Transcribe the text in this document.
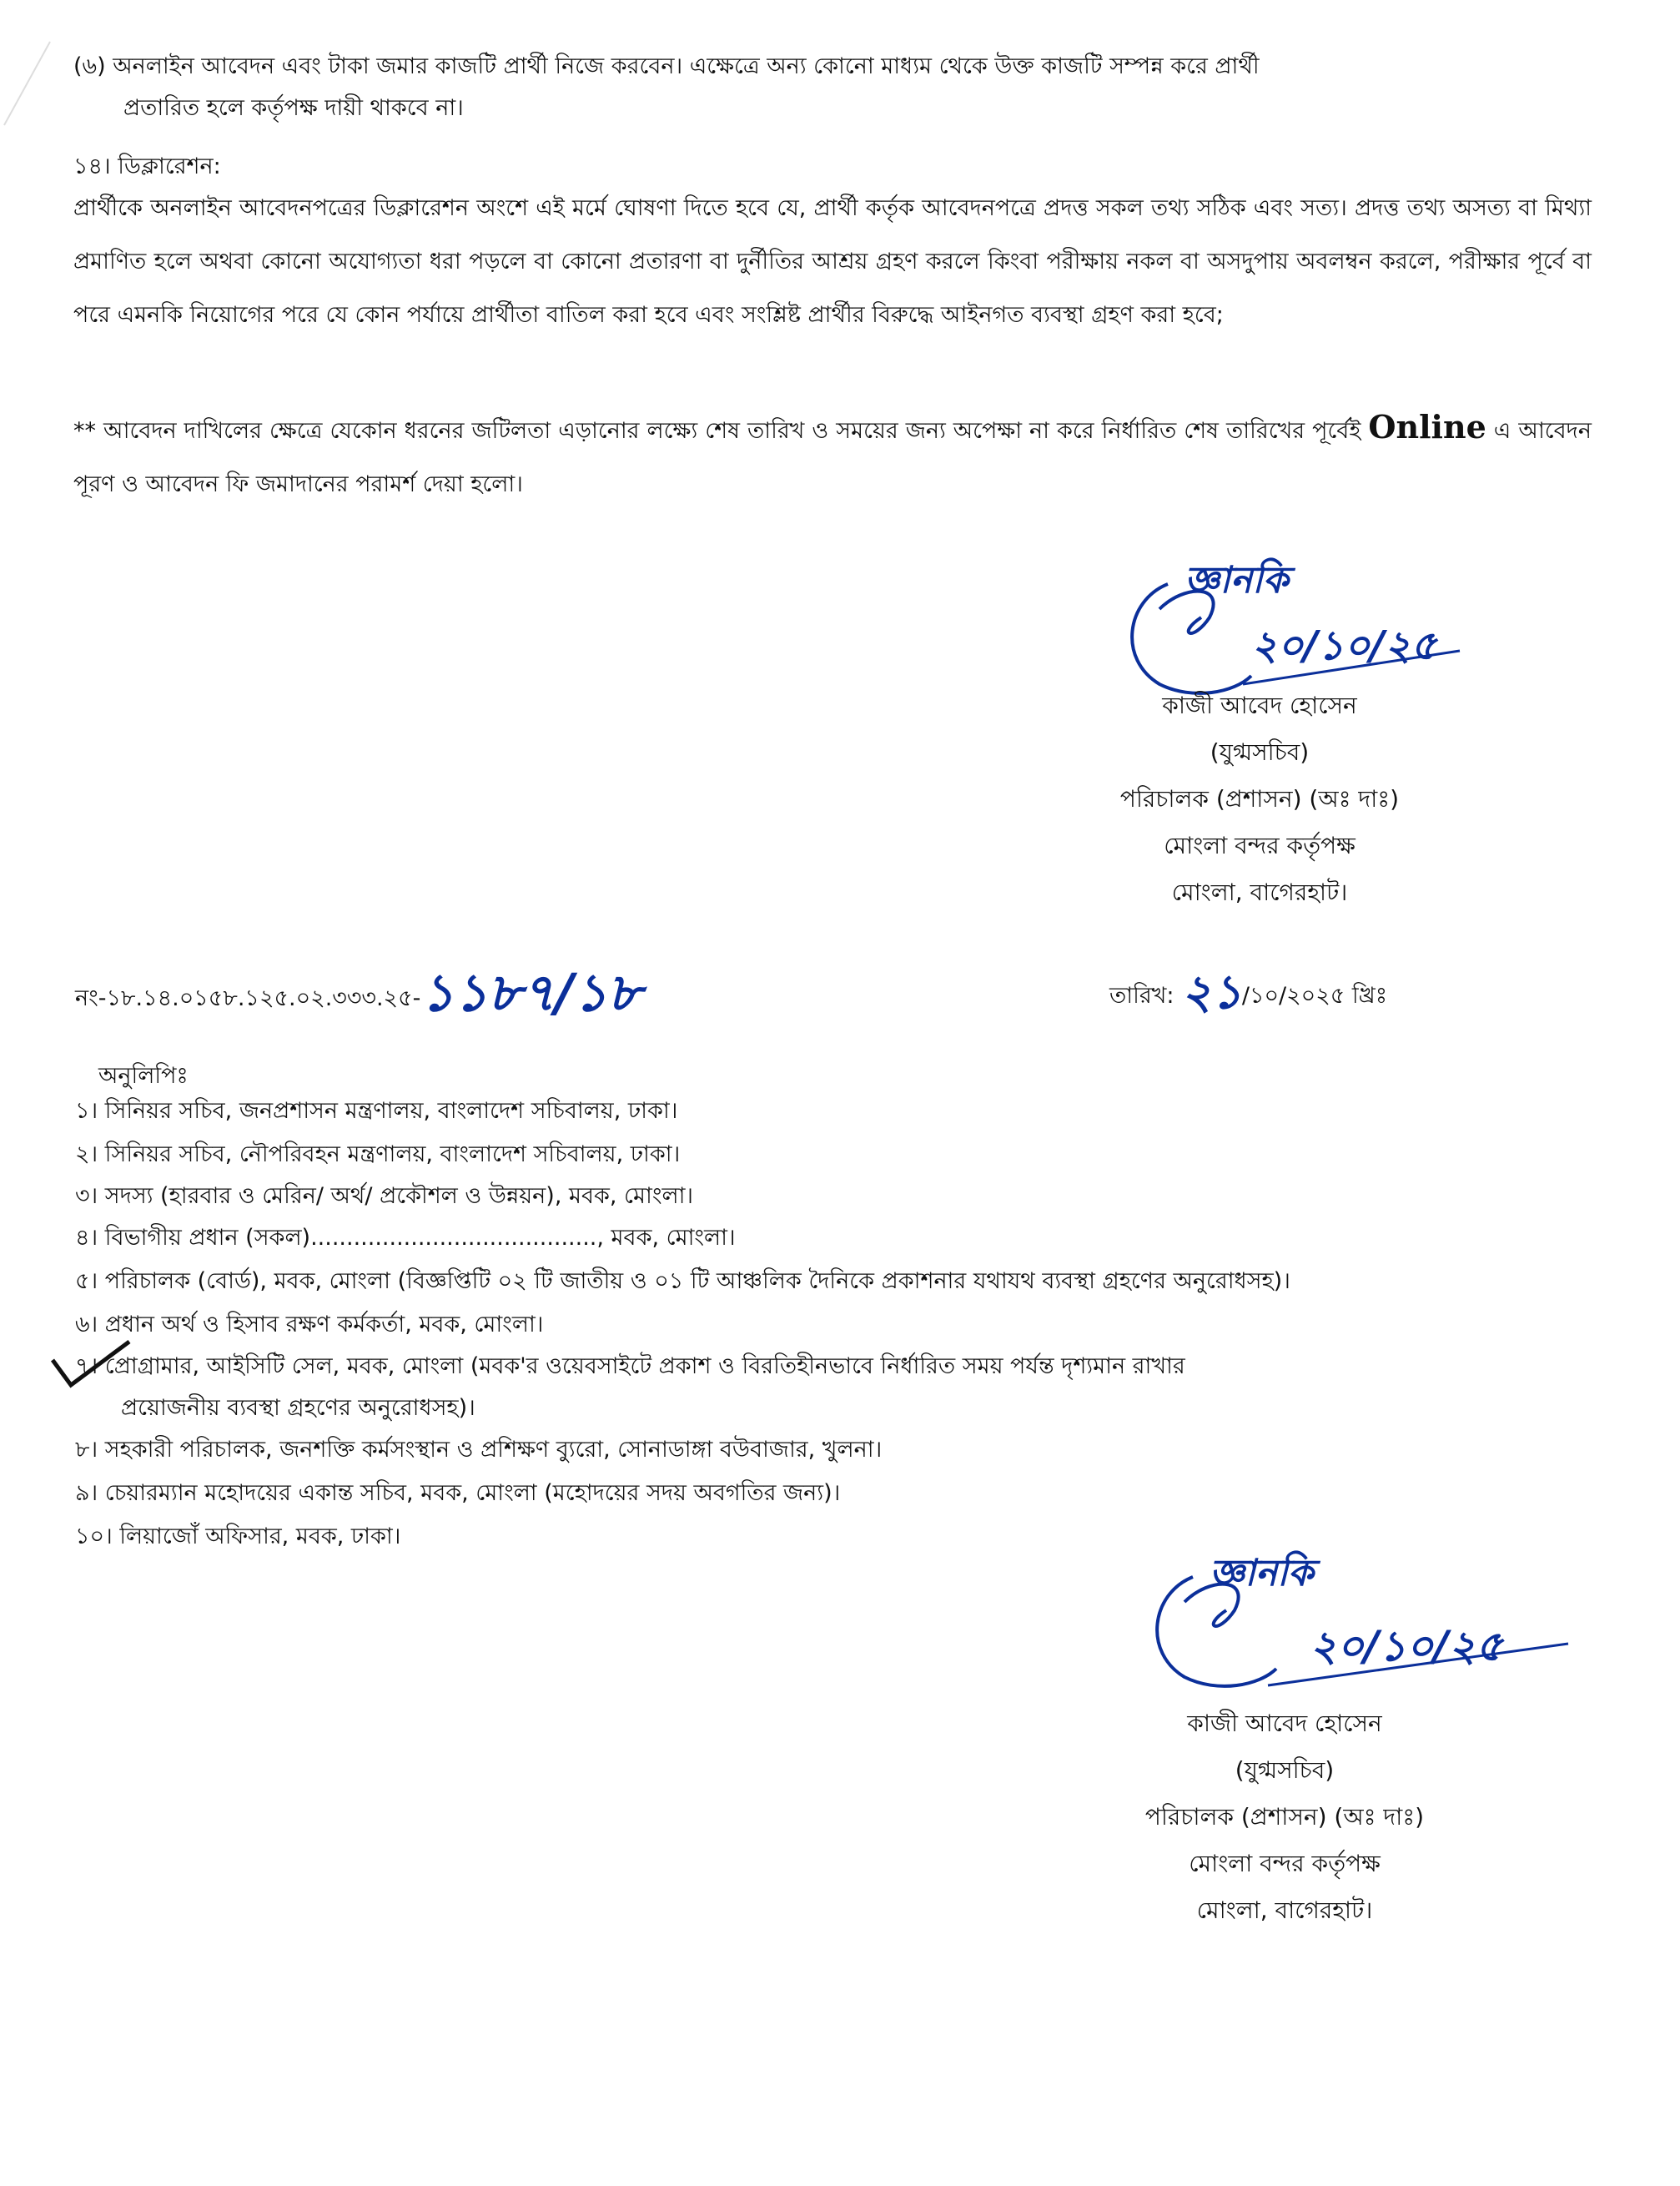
(৬) অনলাইন আবেদন এবং টাকা জমার কাজটি প্রার্থী নিজে করবেন। এক্ষেত্রে অন্য কোনো মাধ্যম থেকে উক্ত কাজটি সম্পন্ন করে প্রার্থী
প্রতারিত হলে কর্তৃপক্ষ দায়ী থাকবে না।
১৪। ডিক্লারেশন:
প্রার্থীকে অনলাইন আবেদনপত্রের ডিক্লারেশন অংশে এই মর্মে ঘোষণা দিতে হবে যে, প্রার্থী কর্তৃক আবেদনপত্রে প্রদত্ত সকল তথ্য সঠিক এবং সত্য। প্রদত্ত তথ্য অসত্য বা মিথ্যা প্রমাণিত হলে অথবা কোনো অযোগ্যতা ধরা পড়লে বা কোনো প্রতারণা বা দুর্নীতির আশ্রয় গ্রহণ করলে কিংবা পরীক্ষায় নকল বা অসদুপায় অবলম্বন করলে, পরীক্ষার পূর্বে বা পরে এমনকি নিয়োগের পরে যে কোন পর্যায়ে প্রার্থীতা বাতিল করা হবে এবং সংশ্লিষ্ট প্রার্থীর বিরুদ্ধে আইনগত ব্যবস্থা গ্রহণ করা হবে;
** আবেদন দাখিলের ক্ষেত্রে যেকোন ধরনের জটিলতা এড়ানোর লক্ষ্যে শেষ তারিখ ও সময়ের জন্য অপেক্ষা না করে নির্ধারিত শেষ তারিখের পূর্বেই Online এ আবেদন পূরণ ও আবেদন ফি জমাদানের পরামর্শ দেয়া হলো।
জ্ঞানকি
২০/১০/২৫
কাজী আবেদ হোসেন
(যুগ্মসচিব)
পরিচালক (প্রশাসন) (অঃ দাঃ)
মোংলা বন্দর কর্তৃপক্ষ
মোংলা, বাগেরহাট।
নং-১৮.১৪.০১৫৮.১২৫.০২.৩৩৩.২৫-১১৮৭/১৮	তারিখ: ২১/১০/২০২৫ খ্রিঃ
অনুলিপিঃ
১। সিনিয়র সচিব, জনপ্রশাসন মন্ত্রণালয়, বাংলাদেশ সচিবালয়, ঢাকা।
২। সিনিয়র সচিব, নৌপরিবহন মন্ত্রণালয়, বাংলাদেশ সচিবালয়, ঢাকা।
৩। সদস্য (হারবার ও মেরিন/ অর্থ/ প্রকৌশল ও উন্নয়ন), মবক, মোংলা।
৪। বিভাগীয় প্রধান (সকল)........................................, মবক, মোংলা।
৫। পরিচালক (বোর্ড), মবক, মোংলা (বিজ্ঞপ্তিটি ০২ টি জাতীয় ও ০১ টি আঞ্চলিক দৈনিকে প্রকাশনার যথাযথ ব্যবস্থা গ্রহণের অনুরোধসহ)।
৬। প্রধান অর্থ ও হিসাব রক্ষণ কর্মকর্তা, মবক, মোংলা।
৭। প্রোগ্রামার, আইসিটি সেল, মবক, মোংলা (মবক'র ওয়েবসাইটে প্রকাশ ও বিরতিহীনভাবে নির্ধারিত সময় পর্যন্ত দৃশ্যমান রাখার
প্রয়োজনীয় ব্যবস্থা গ্রহণের অনুরোধসহ)।
৮। সহকারী পরিচালক, জনশক্তি কর্মসংস্থান ও প্রশিক্ষণ ব্যুরো, সোনাডাঙ্গা বউবাজার, খুলনা।
৯। চেয়ারম্যান মহোদয়ের একান্ত সচিব, মবক, মোংলা (মহোদয়ের সদয় অবগতির জন্য)।
১০। লিয়াজোঁ অফিসার, মবক, ঢাকা।
জ্ঞানকি
২০/১০/২৫
কাজী আবেদ হোসেন
(যুগ্মসচিব)
পরিচালক (প্রশাসন) (অঃ দাঃ)
মোংলা বন্দর কর্তৃপক্ষ
মোংলা, বাগেরহাট।
